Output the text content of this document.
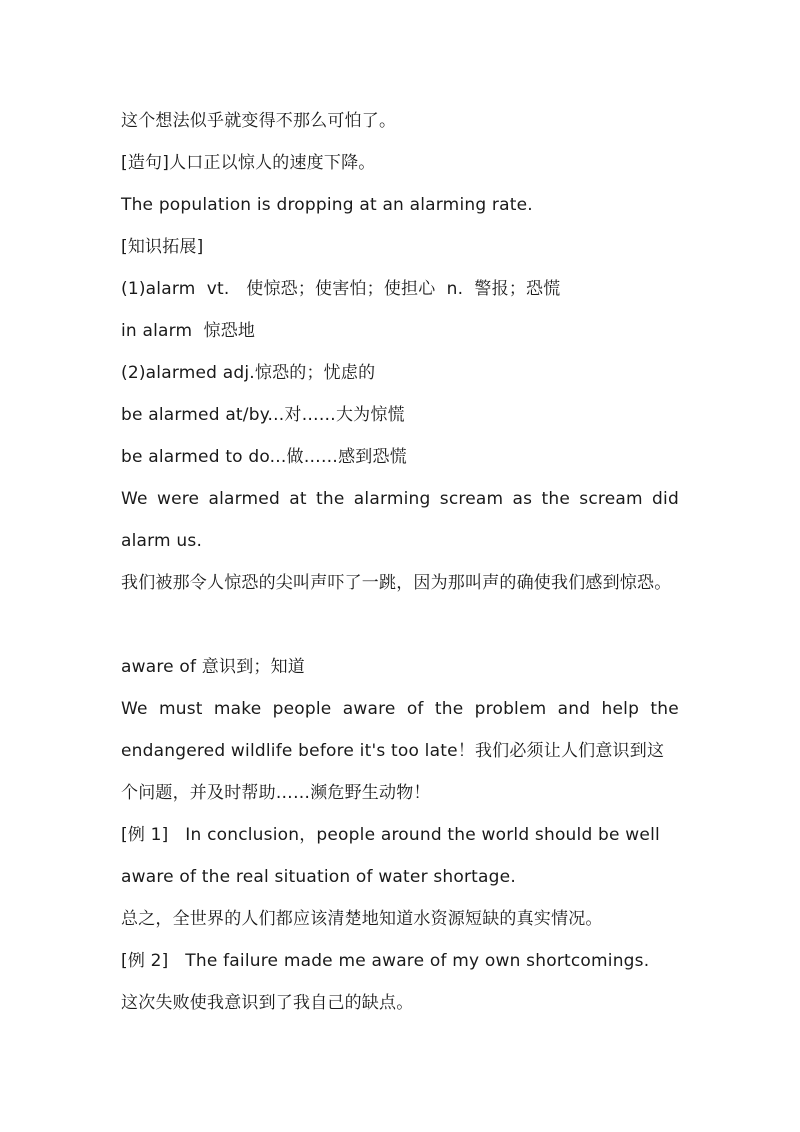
这个想法似乎就变得不那么可怕了。
[造句]人口正以惊人的速度下降。
The population is dropping at an alarming rate.
[知识拓展]
(1)alarm  vt.   使惊恐；使害怕；使担心  n.  警报；恐慌
in alarm  惊恐地
(2)alarmed adj.惊恐的；忧虑的
be alarmed at/by...对……大为惊慌
be alarmed to do...做……感到恐慌
We were alarmed at the alarming scream as the scream did
alarm us.
我们被那令人惊恐的尖叫声吓了一跳，因为那叫声的确使我们感到惊恐。
aware of 意识到；知道
We must make people aware of the problem and help the
endangered wildlife before it's too late！我们必须让人们意识到这
个问题，并及时帮助……濒危野生动物！
[例 1]   In conclusion，people around the world should be well
aware of the real situation of water shortage.
总之，全世界的人们都应该清楚地知道水资源短缺的真实情况。
[例 2]   The failure made me aware of my own shortcomings.
这次失败使我意识到了我自己的缺点。
